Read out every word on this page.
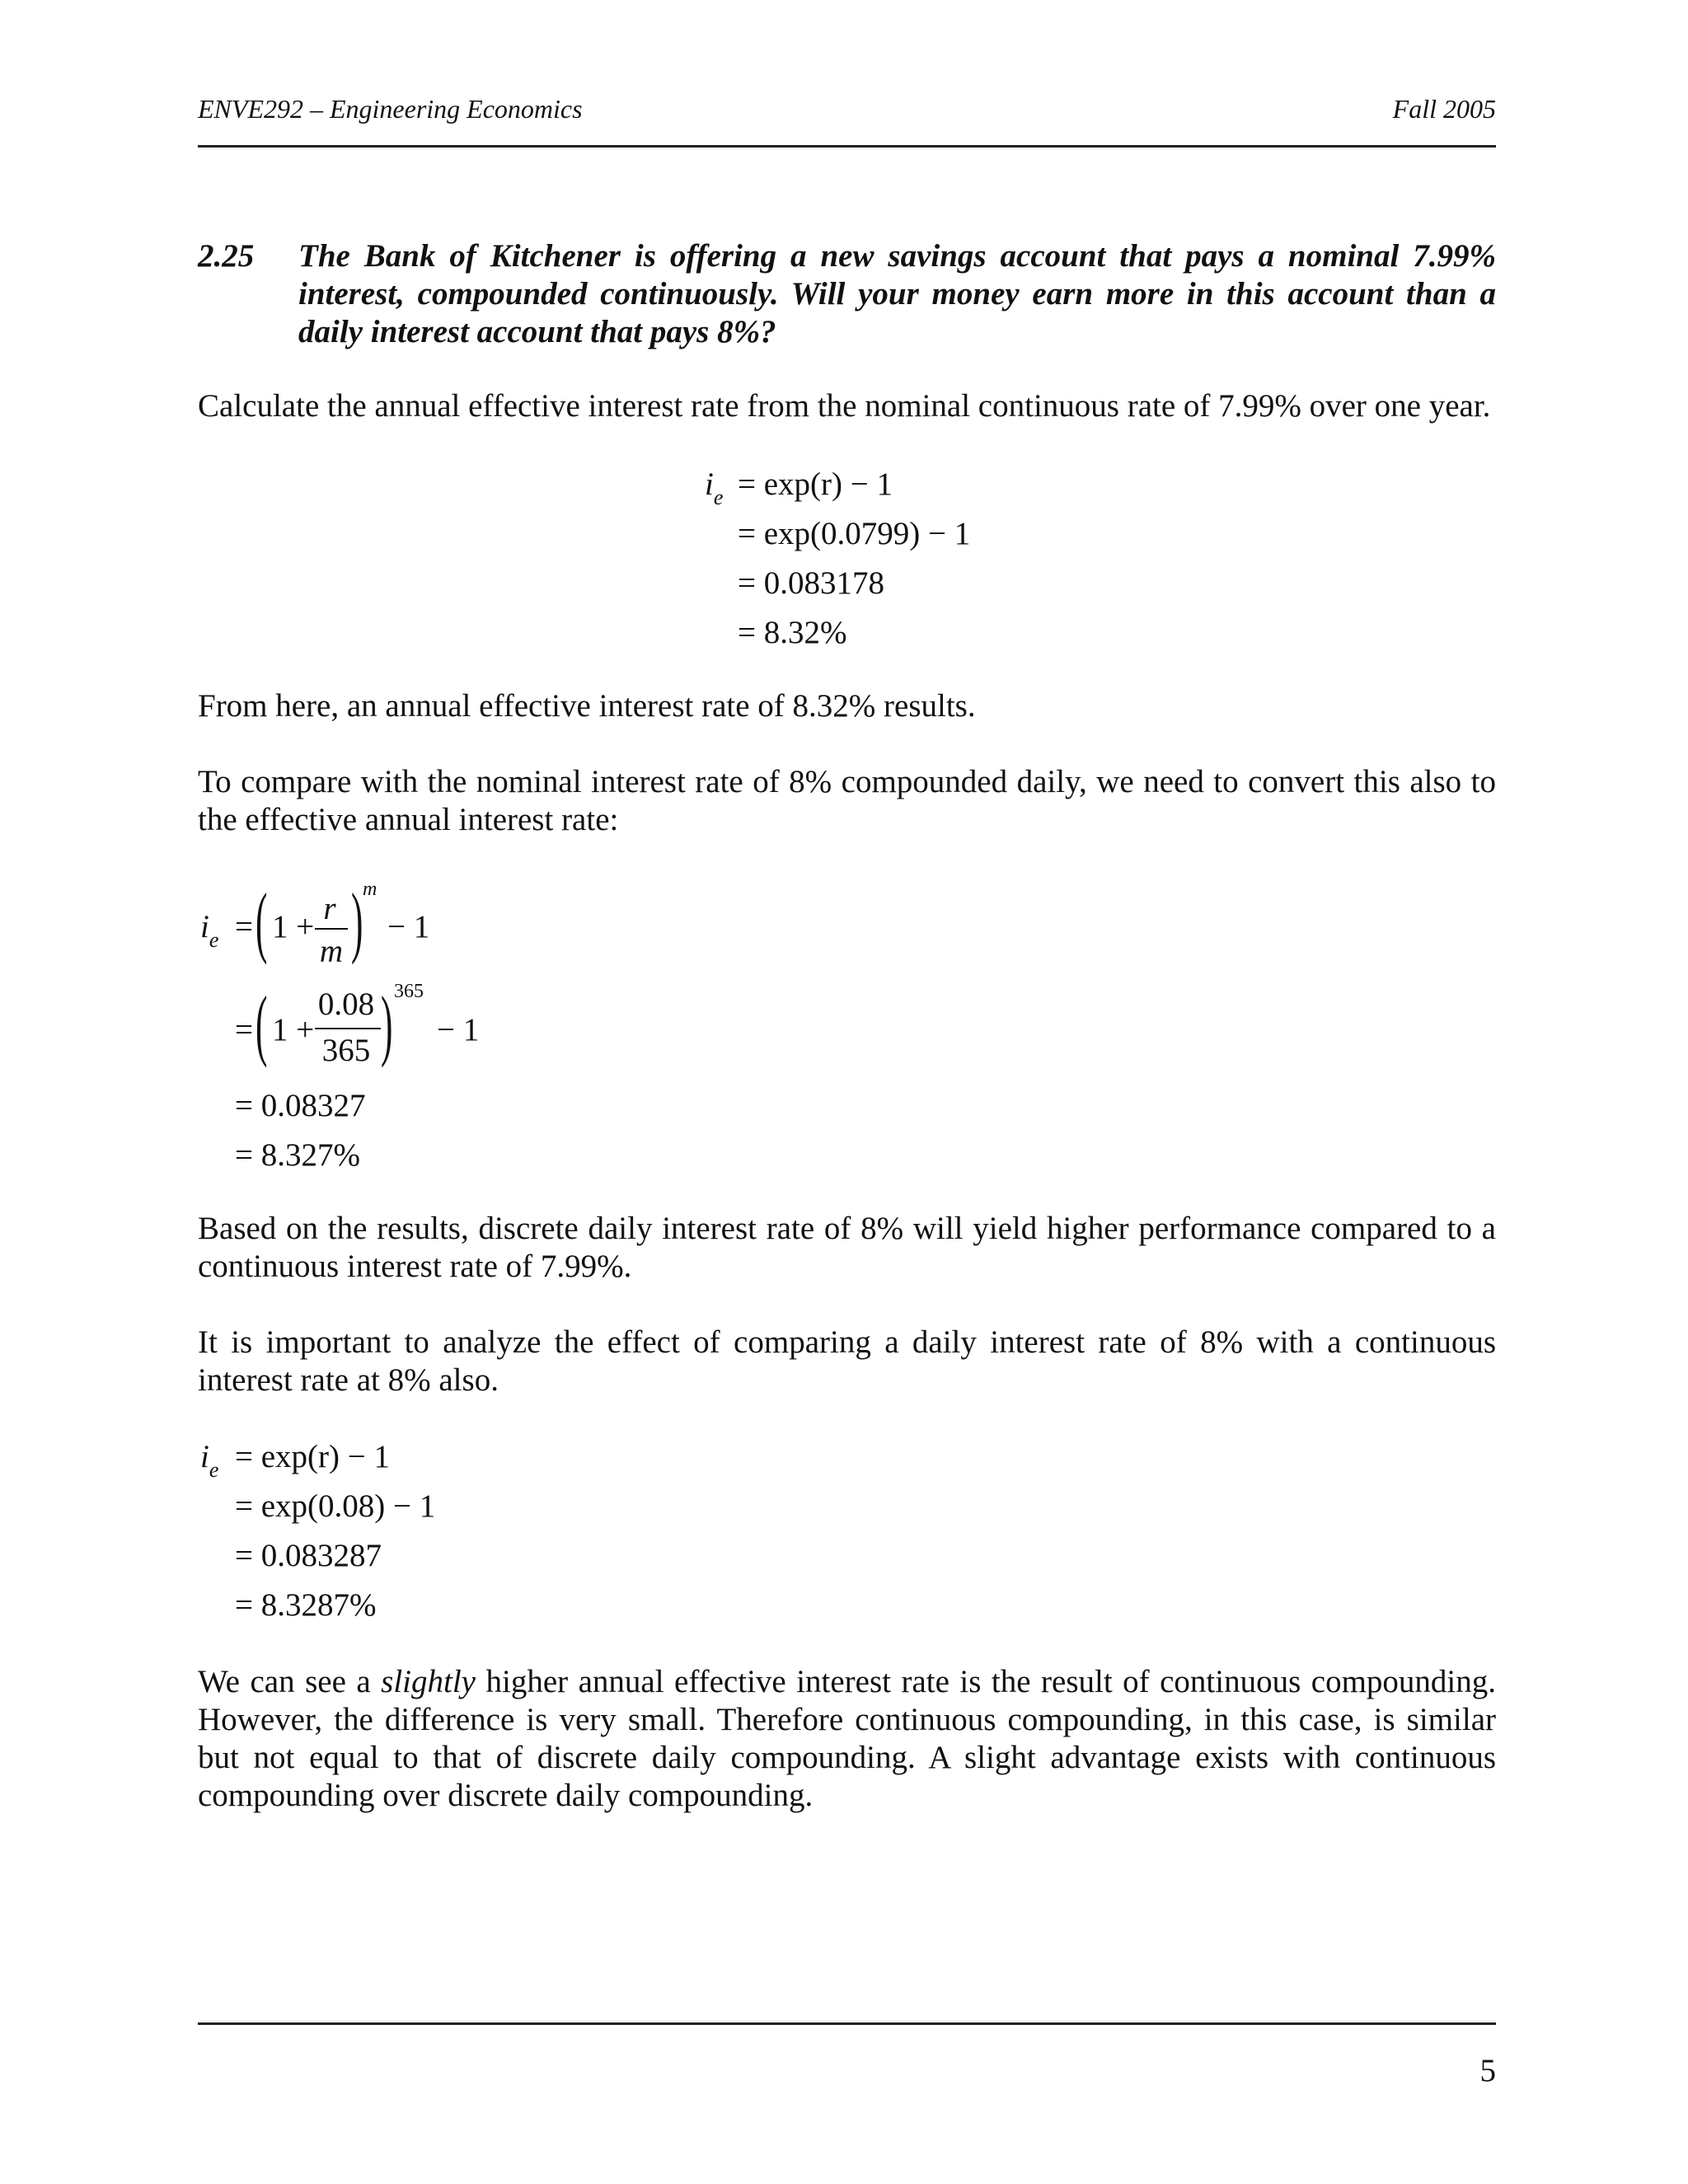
ENVE292 – Engineering Economics	Fall 2005
2.25 The Bank of Kitchener is offering a new savings account that pays a nominal 7.99% interest, compounded continuously. Will your money earn more in this account than a daily interest account that pays 8%?
Calculate the annual effective interest rate from the nominal continuous rate of 7.99% over one year.
$i_e = \exp(r) - 1$
= exp(0.0799) − 1
= 0.083178
= 8.32%
From here, an annual effective interest rate of 8.32% results.
To compare with the nominal interest rate of 8% compounded daily, we need to convert this also to the effective annual interest rate:
$i_e$ = ( 1 +
r
m ) m
− 1
= ( 1 +
0.08
365 ) 365
− 1
= 0.08327
= 8.327%
Based on the results, discrete daily interest rate of 8% will yield higher performance compared to a continuous interest rate of 7.99%.
It is important to analyze the effect of comparing a daily interest rate of 8% with a continuous interest rate at 8% also.
$i_e = \exp(r) - 1$
= exp(0.08) − 1
= 0.083287
= 8.3287%
We can see a slightly higher annual effective interest rate is the result of continuous compounding. However, the difference is very small. Therefore continuous compounding, in this case, is similar but not equal to that of discrete daily compounding. A slight advantage exists with continuous compounding over discrete daily compounding.
5
